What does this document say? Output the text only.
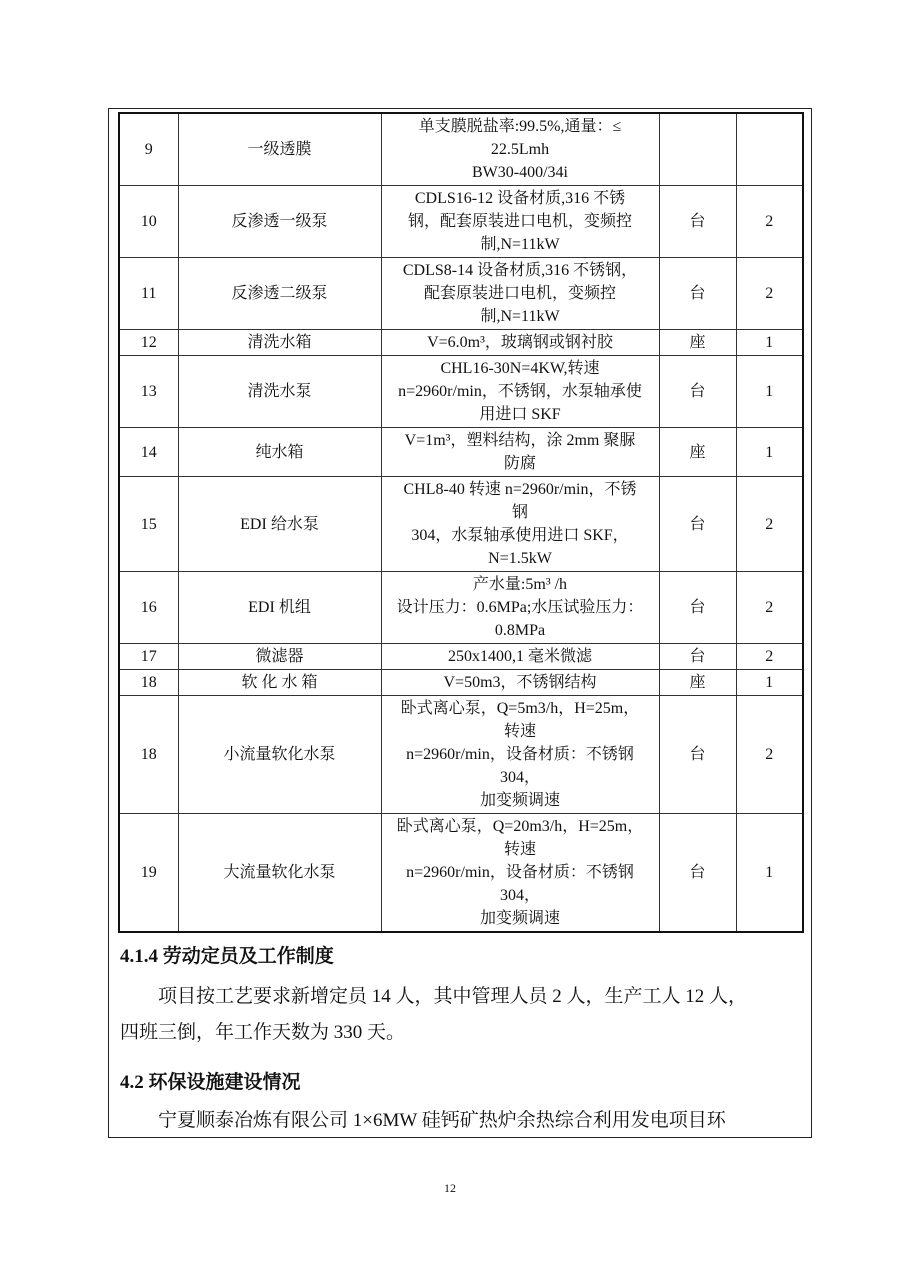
9	一级透膜	单支膜脱盐率:99.5%,通量：≤
22.5Lmh
BW30-400/34i		
10	反渗透一级泵	CDLS16-12 设备材质,316 不锈
钢，配套原装进口电机，变频控
制,N=11kW	台	2
11	反渗透二级泵	CDLS8-14 设备材质,316 不锈钢，
配套原装进口电机，变频控
制,N=11kW	台	2
12	清洗水箱	V=6.0m³，玻璃钢或钢衬胶	座	1
13	清洗水泵	CHL16-30N=4KW,转速
n=2960r/min，不锈钢，水泵轴承使
用进口 SKF	台	1
14	纯水箱	V=1m³，塑料结构，涂 2mm 聚脲
防腐	座	1
15	EDI 给水泵	CHL8-40 转速 n=2960r/min，不锈
钢
304，水泵轴承使用进口 SKF，
N=1.5kW	台	2
16	EDI 机组	产水量:5m³ /h
设计压力：0.6MPa;水压试验压力：
0.8MPa	台	2
17	微滤器	250x1400,1 毫米微滤	台	2
18	软 化 水 箱	V=50m3，不锈钢结构	座	1
18	小流量软化水泵	卧式离心泵，Q=5m3/h，H=25m，
转速
n=2960r/min，设备材质：不锈钢
304，
加变频调速	台	2
19	大流量软化水泵	卧式离心泵，Q=20m3/h，H=25m，
转速
n=2960r/min，设备材质：不锈钢
304，
加变频调速	台	1
4.1.4 劳动定员及工作制度
项目按工艺要求新增定员 14 人，其中管理人员 2 人，生产工人 12 人，
四班三倒，年工作天数为 330 天。
4.2 环保设施建设情况
宁夏顺泰冶炼有限公司 1×6MW 硅钙矿热炉余热综合利用发电项目环
12
